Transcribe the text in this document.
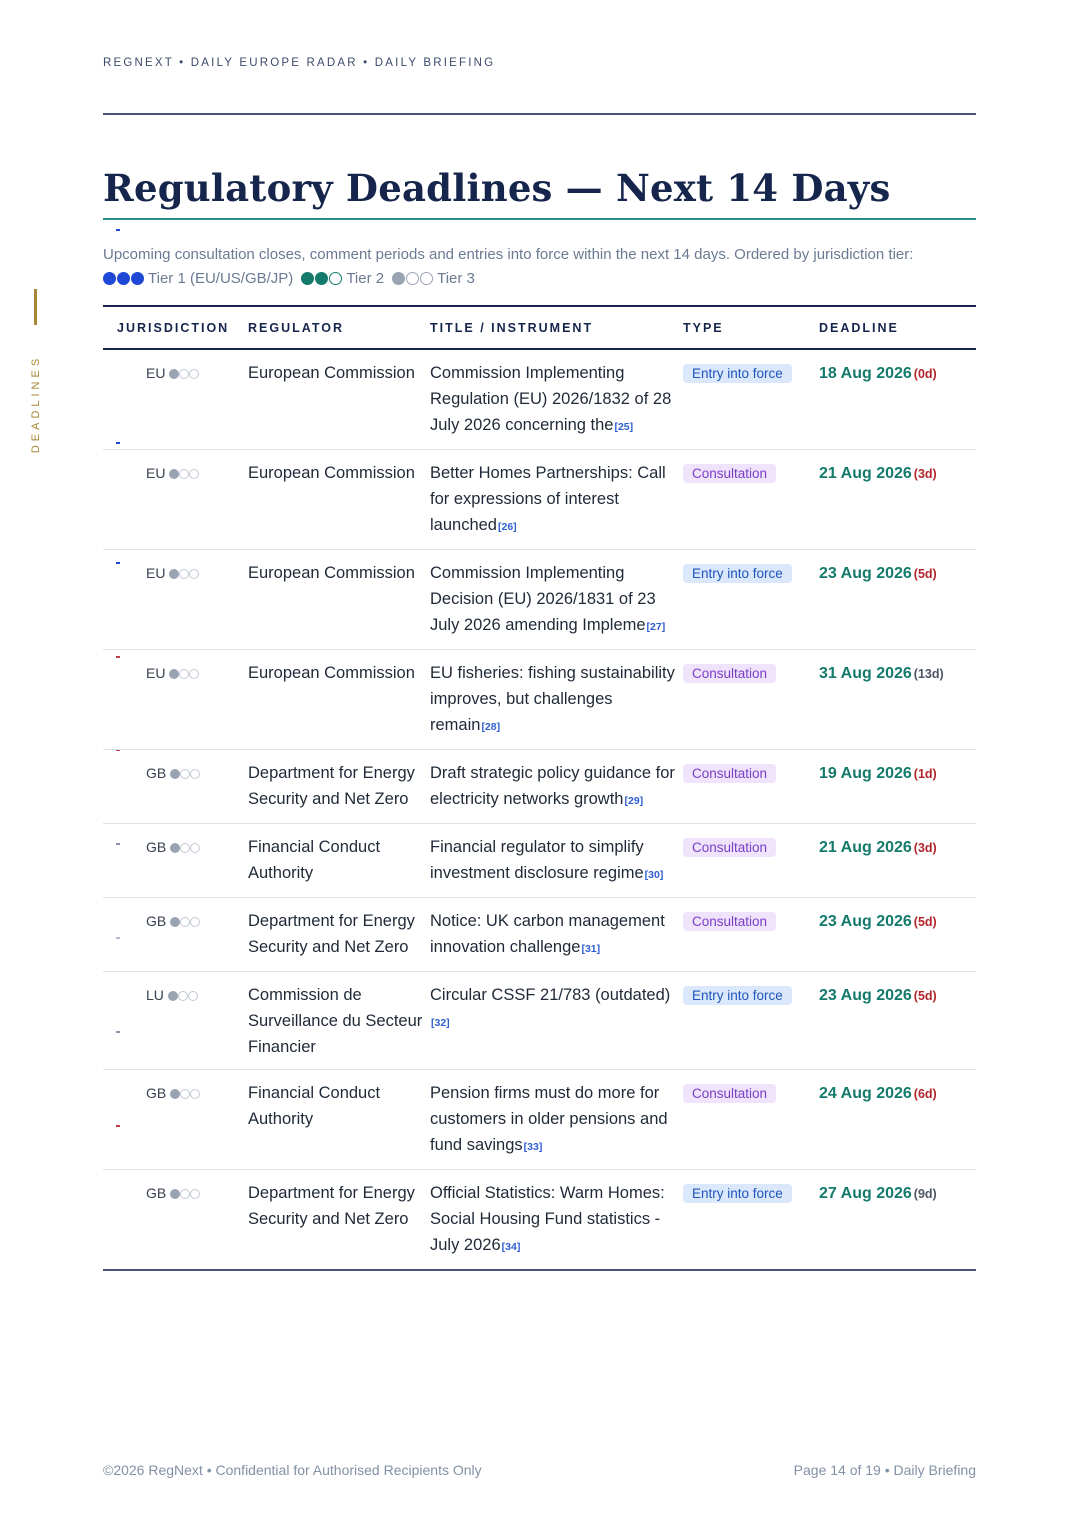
REGNEXT • DAILY EUROPE RADAR • DAILY BRIEFING
DEADLINES
Regulatory Deadlines — Next 14 Days
Upcoming consultation closes, comment periods and entries into force within the next 14 days. Ordered by jurisdiction tier:
Tier 1 (EU/US/GB/JP)	Tier 2	Tier 3
JURISDICTION	REGULATOR	TITLE / INSTRUMENT	TYPE	DEADLINE
EU	European Commission	Commission Implementing Regulation (EU) 2026/1832 of 28 July 2026 concerning the[25]	Entry into force	18 Aug 2026 (0d)
EU	European Commission	Better Homes Partnerships: Call for expressions of interest launched[26]	Consultation	21 Aug 2026 (3d)
EU	European Commission	Commission Implementing Decision (EU) 2026/1831 of 23 July 2026 amending Impleme[27]	Entry into force	23 Aug 2026 (5d)
EU	European Commission	EU fisheries: fishing sustainability improves, but challenges remain[28]	Consultation	31 Aug 2026 (13d)
GB	Department for Energy Security and Net Zero	Draft strategic policy guidance for electricity networks growth[29]	Consultation	19 Aug 2026 (1d)
GB	Financial Conduct Authority	Financial regulator to simplify investment disclosure regime[30]	Consultation	21 Aug 2026 (3d)
GB	Department for Energy Security and Net Zero	Notice: UK carbon management innovation challenge[31]	Consultation	23 Aug 2026 (5d)
LU	Commission de Surveillance du Secteur Financier	Circular CSSF 21/783 (outdated)[32]	Entry into force	23 Aug 2026 (5d)
GB	Financial Conduct Authority	Pension firms must do more for customers in older pensions and fund savings[33]	Consultation	24 Aug 2026 (6d)
GB	Department for Energy Security and Net Zero	Official Statistics: Warm Homes: Social Housing Fund statistics - July 2026[34]	Entry into force	27 Aug 2026 (9d)
©2026 RegNext • Confidential for Authorised Recipients Only	Page 14 of 19 • Daily Briefing
